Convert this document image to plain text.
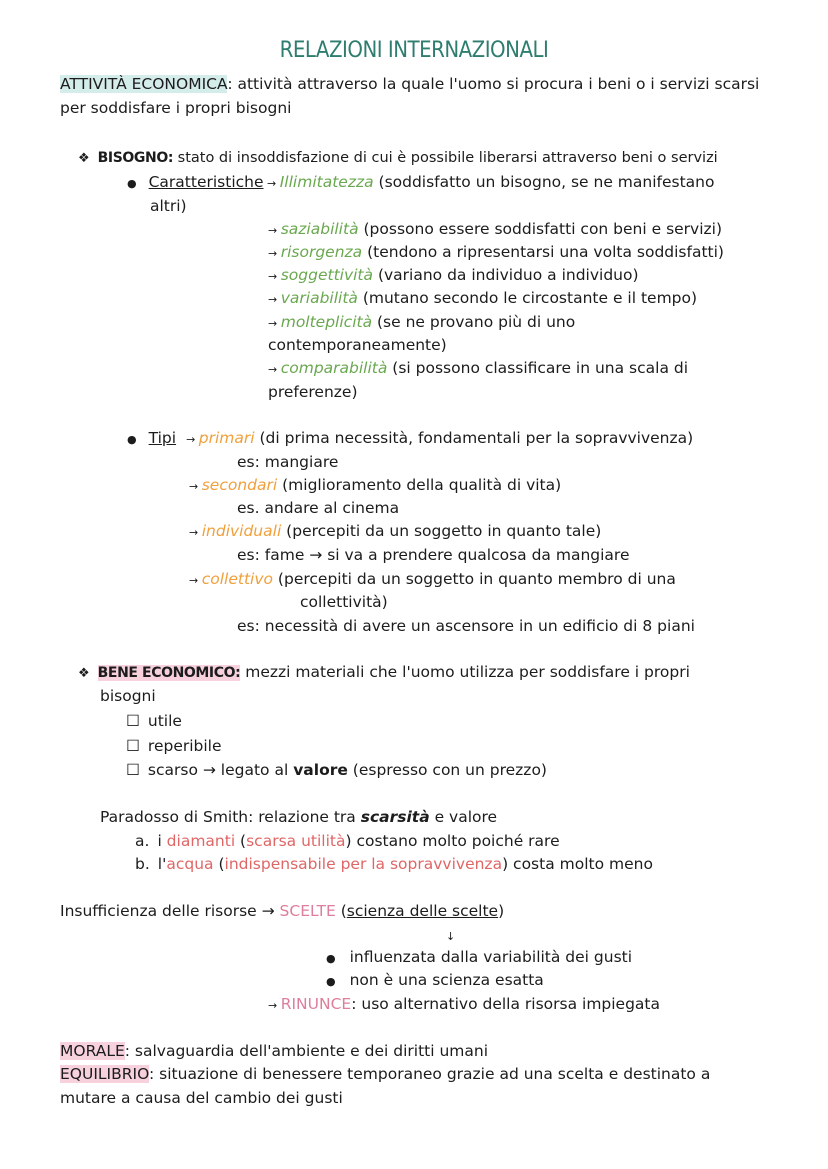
RELAZIONI INTERNAZIONALI
ATTIVITÀ ECONOMICA: attività attraverso la quale l'uomo si procura i beni o i servizi scarsi
per soddisfare i propri bisogni
❖ BISOGNO: stato di insoddisfazione di cui è possibile liberarsi attraverso beni o servizi
● Caratteristiche → Illimitatezza (soddisfatto un bisogno, se ne manifestano
altri)
→ saziabilità (possono essere soddisfatti con beni e servizi)
→ risorgenza (tendono a ripresentarsi una volta soddisfatti)
→ soggettività (variano da individuo a individuo)
→ variabilità (mutano secondo le circostante e il tempo)
→ molteplicità (se ne provano più di uno
contemporaneamente)
→ comparabilità (si possono classificare in una scala di
preferenze)
● Tipi → primari (di prima necessità, fondamentali per la sopravvivenza)
es: mangiare
→ secondari (miglioramento della qualità di vita)
es. andare al cinema
→ individuali (percepiti da un soggetto in quanto tale)
es: fame → si va a prendere qualcosa da mangiare
→ collettivo (percepiti da un soggetto in quanto membro di una
collettività)
es: necessità di avere un ascensore in un edificio di 8 piani
❖ BENE ECONOMICO: mezzi materiali che l'uomo utilizza per soddisfare i propri
bisogni
☐ utile
☐ reperibile
☐ scarso → legato al valore (espresso con un prezzo)
Paradosso di Smith: relazione tra scarsità e valore
a. i diamanti (scarsa utilità) costano molto poiché rare
b. l'acqua (indispensabile per la sopravvivenza) costa molto meno
Insufficienza delle risorse → SCELTE (scienza delle scelte)
↓
● influenzata dalla variabilità dei gusti
● non è una scienza esatta
→ RINUNCE: uso alternativo della risorsa impiegata
MORALE: salvaguardia dell'ambiente e dei diritti umani
EQUILIBRIO: situazione di benessere temporaneo grazie ad una scelta e destinato a
mutare a causa del cambio dei gusti
